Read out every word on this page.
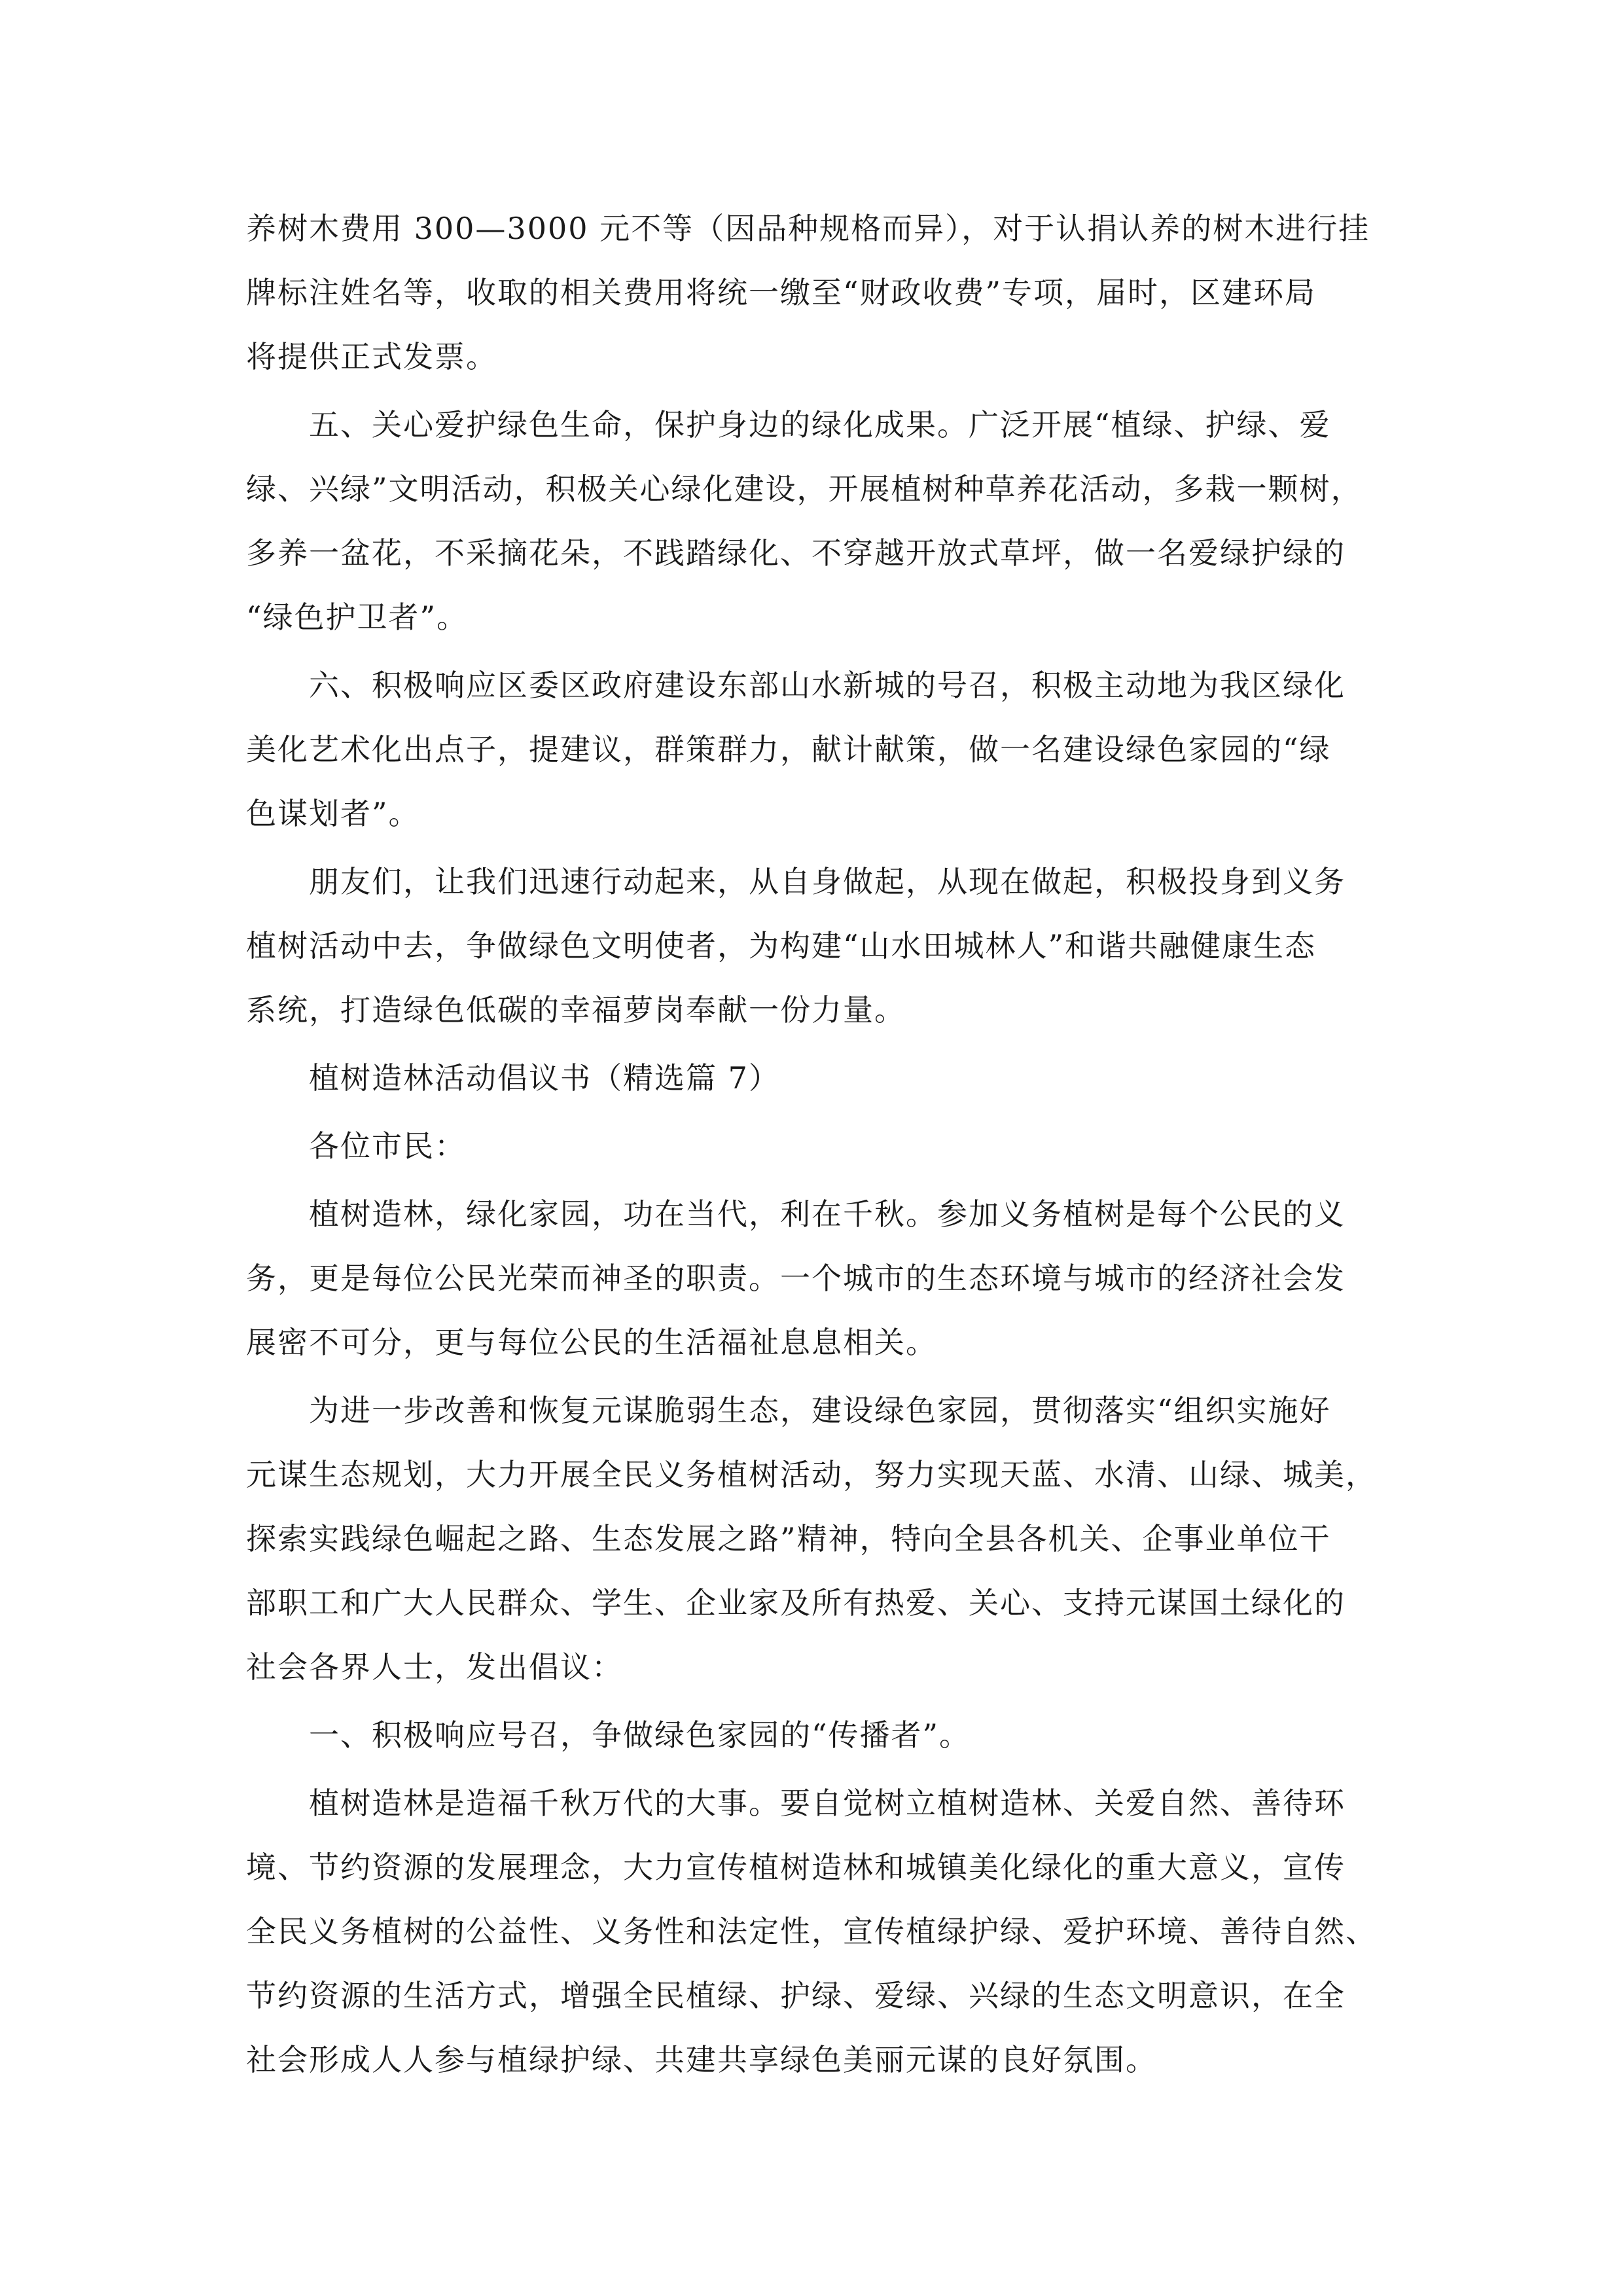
养树木费用 300—3000 元不等（因品种规格而异），对于认捐认养的树木进行挂
牌标注姓名等，收取的相关费用将统一缴至“财政收费”专项，届时，区建环局
将提供正式发票。
五、关心爱护绿色生命，保护身边的绿化成果。广泛开展“植绿、护绿、爱
绿、兴绿”文明活动，积极关心绿化建设，开展植树种草养花活动，多栽一颗树，
多养一盆花，不采摘花朵，不践踏绿化、不穿越开放式草坪，做一名爱绿护绿的
“绿色护卫者”。
六、积极响应区委区政府建设东部山水新城的号召，积极主动地为我区绿化
美化艺术化出点子，提建议，群策群力，献计献策，做一名建设绿色家园的“绿
色谋划者”。
朋友们，让我们迅速行动起来，从自身做起，从现在做起，积极投身到义务
植树活动中去，争做绿色文明使者，为构建“山水田城林人”和谐共融健康生态
系统，打造绿色低碳的幸福萝岗奉献一份力量。
植树造林活动倡议书（精选篇 7）
各位市民：
植树造林，绿化家园，功在当代，利在千秋。参加义务植树是每个公民的义
务，更是每位公民光荣而神圣的职责。一个城市的生态环境与城市的经济社会发
展密不可分，更与每位公民的生活福祉息息相关。
为进一步改善和恢复元谋脆弱生态，建设绿色家园，贯彻落实“组织实施好
元谋生态规划，大力开展全民义务植树活动，努力实现天蓝、水清、山绿、城美，
探索实践绿色崛起之路、生态发展之路”精神，特向全县各机关、企事业单位干
部职工和广大人民群众、学生、企业家及所有热爱、关心、支持元谋国土绿化的
社会各界人士，发出倡议：
一、积极响应号召，争做绿色家园的“传播者”。
植树造林是造福千秋万代的大事。要自觉树立植树造林、关爱自然、善待环
境、节约资源的发展理念，大力宣传植树造林和城镇美化绿化的重大意义，宣传
全民义务植树的公益性、义务性和法定性，宣传植绿护绿、爱护环境、善待自然、
节约资源的生活方式，增强全民植绿、护绿、爱绿、兴绿的生态文明意识，在全
社会形成人人参与植绿护绿、共建共享绿色美丽元谋的良好氛围。
